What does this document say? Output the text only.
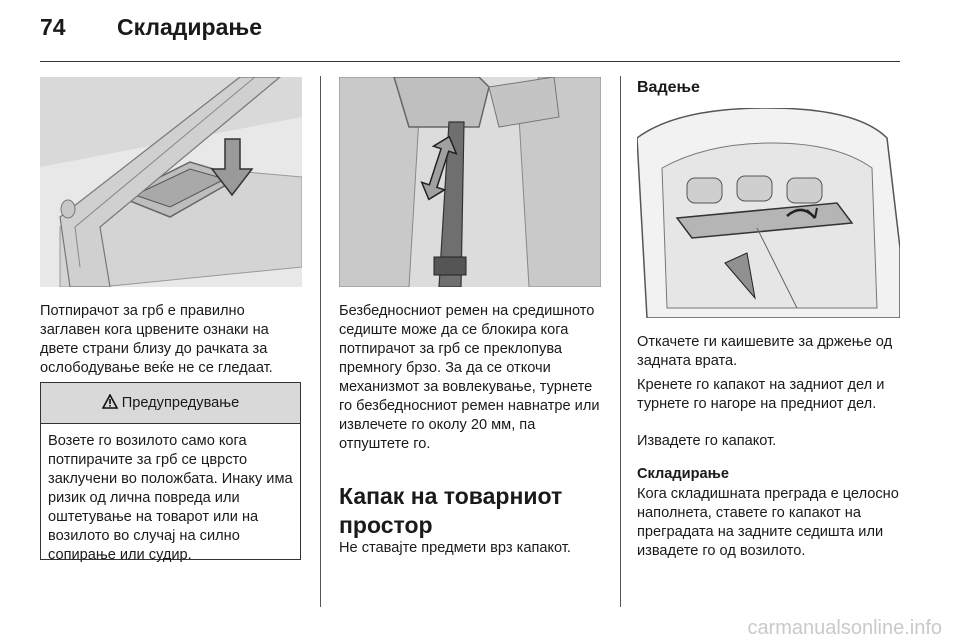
74 Складирање

Потпирачот за грб е правилно заглавен кога црвените ознаки на двете страни близу до рачката за ослободување веќе не се гледаат.

Предупредување

Возете го возилото само кога потпирачите за грб се цврсто заклучени во положбата. Инаку има ризик од лична повреда или оштетување на товарот или на возилото во случај на силно сопирање или судир.

Безбедносниот ремен на средишното седиште може да се блокира кога потпирачот за грб се преклопува премногу брзо. За да се откочи механизмот за вовлекување, турнете го безбедносниот ремен навнатре или извлечете го околу 20 мм, па отпуштете го.

Капак на товарниот простор

Не ставајте предмети врз капакот.

Вадење

Откачете ги каишевите за држење од задната врата.

Кренете го капакот на задниот дел и турнете го нагоре на предниот дел.

Извадете го капакот.

Складирање

Кога складишната преграда е целосно наполнета, ставете го капакот на преградата на задните седишта или извадете го од возилото.

carmanualsonline.info
